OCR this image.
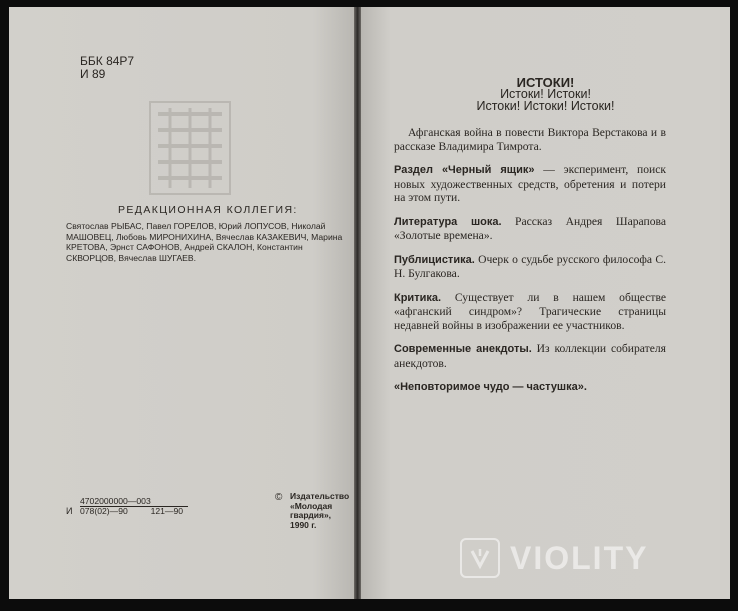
ББК 84Р7
И 89
РЕДАКЦИОННАЯ КОЛЛЕГИЯ:
Святослав РЫБАС, Павел ГОРЕЛОВ, Юрий ЛОПУСОВ, Николай МАШОВЕЦ, Любовь МИРОНИХИНА, Вячеслав КАЗАКЕВИЧ, Марина КРЕТОВА, Эрнст САФОНОВ, Андрей СКАЛОН, Константин СКВОРЦОВ, Вячеслав ШУГАЕВ.
И
4702000000—003
078(02)—90	121—90
© Издательство
«Молодая
гвардия»,
1990 г.
ИСТОКИ!
Истоки! Истоки!
Истоки! Истоки! Истоки!

Афганская война в повести Виктора Верстакова и в рассказе Владимира Тимрота.

Раздел «Черный ящик» — эксперимент, поиск новых художественных средств, обретения и потери на этом пути.

Литература шока. Рассказ Андрея Шарапова «Золотые времена».

Публицистика. Очерк о судьбе русского философа С. Н. Булгакова.

Критика. Существует ли в нашем обществе «афганский синдром»? Трагические страницы недавней войны в изображении ее участников.

Современные анекдоты. Из коллекции собирателя анекдотов.

«Неповторимое чудо — частушка».

VIOLITY
